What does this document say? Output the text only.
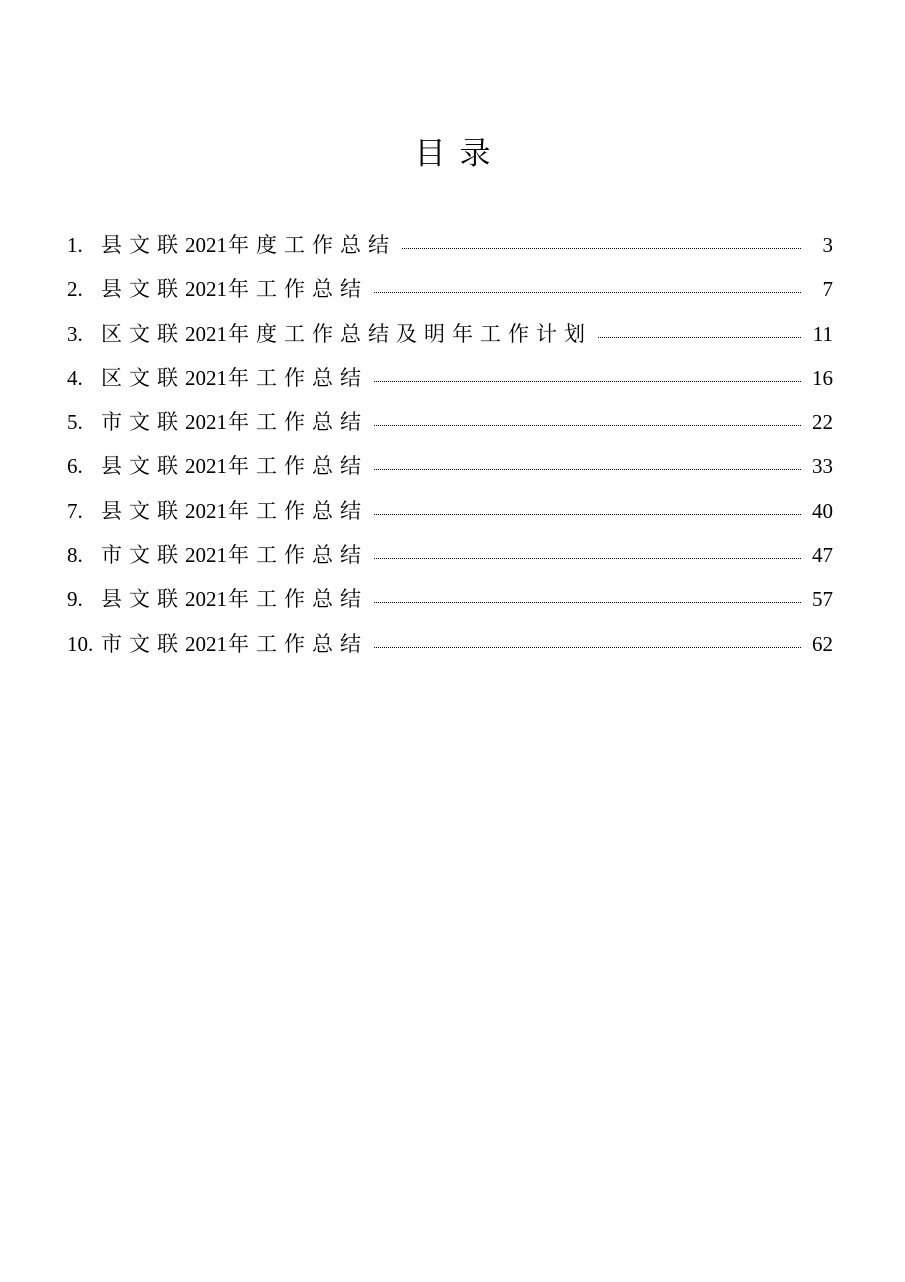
目录
1. 县文联2021年度工作总结	3
2. 县文联2021年工作总结	7
3. 区文联2021年度工作总结及明年工作计划	11
4. 区文联2021年工作总结	16
5. 市文联2021年工作总结	22
6. 县文联2021年工作总结	33
7. 县文联2021年工作总结	40
8. 市文联2021年工作总结	47
9. 县文联2021年工作总结	57
10. 市文联2021年工作总结	62
